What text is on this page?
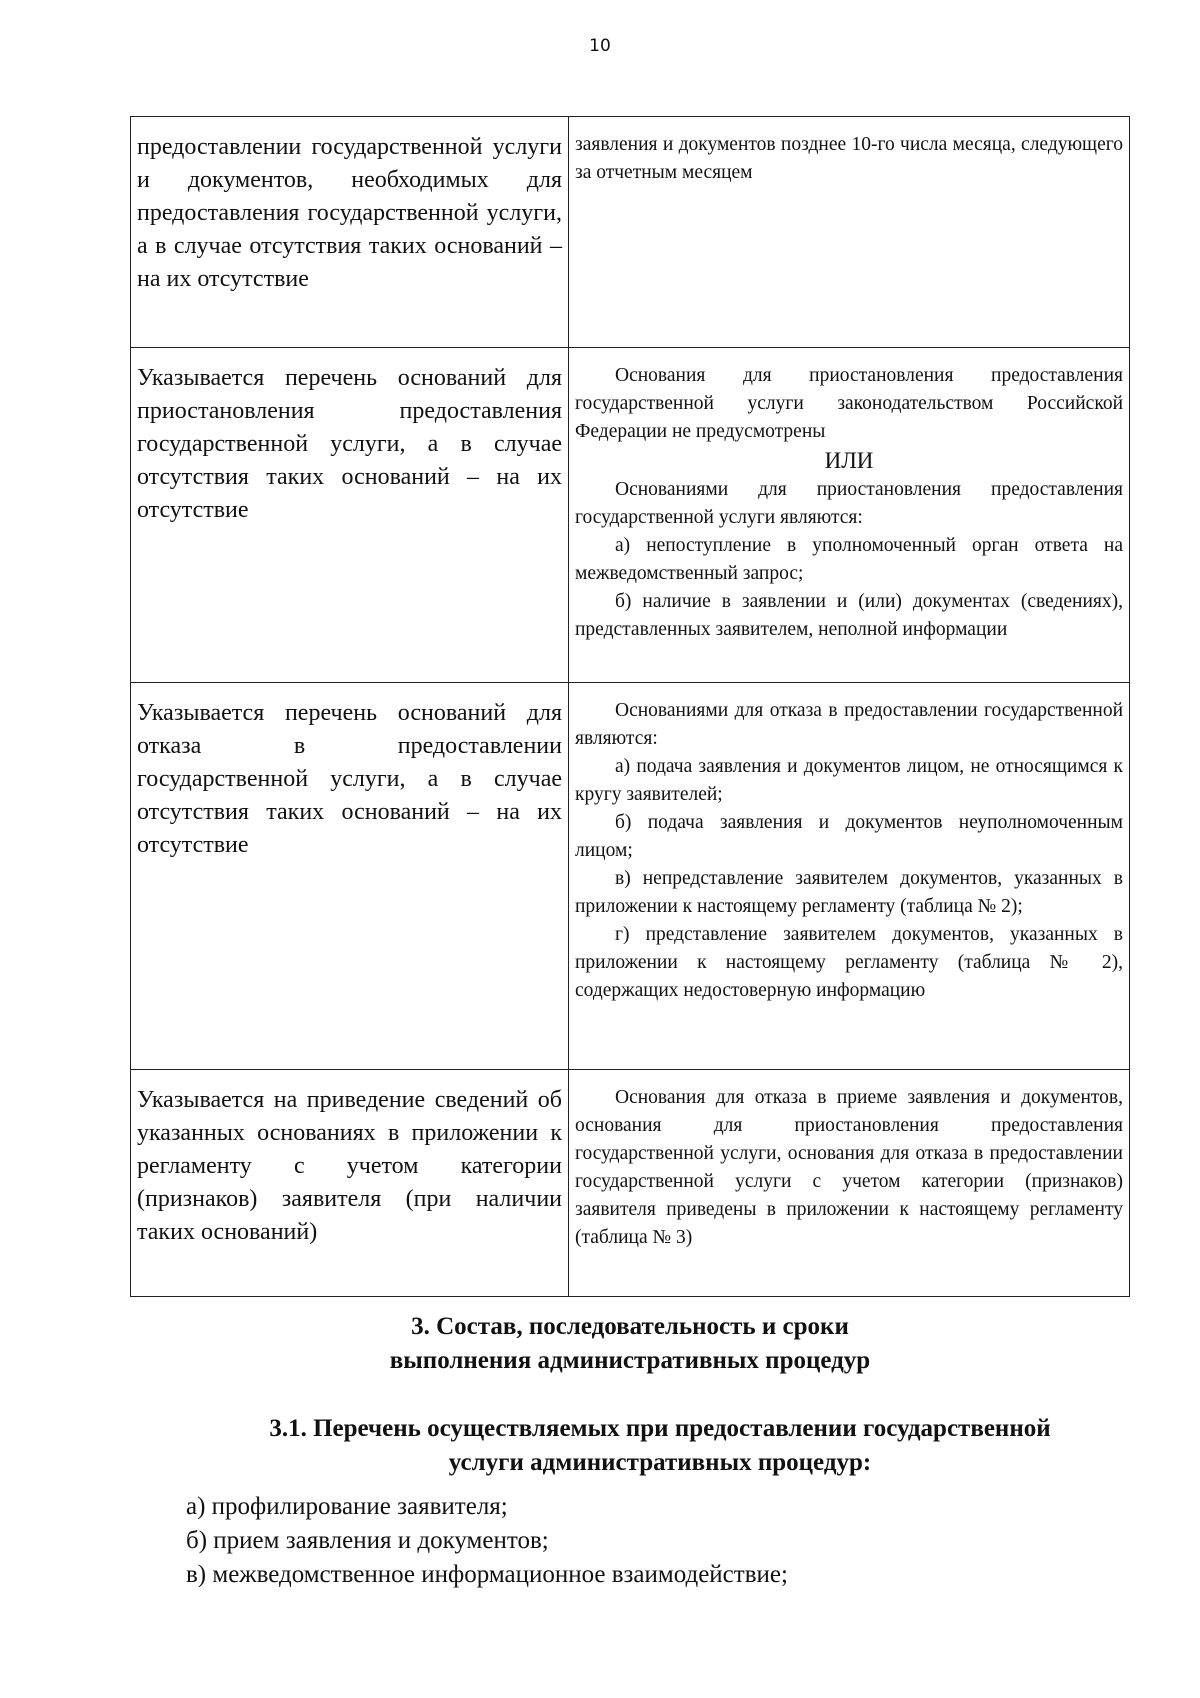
10
предоставлении государственной услуги и документов, необходимых для предоставления государственной услуги, а в случае отсутствия таких оснований – на их отсутствие	заявления и документов позднее 10-го числа месяца, следующего за отчетным месяцем

Указывается перечень оснований для приостановления предоставления государственной услуги, а в случае отсутствия таких оснований – на их отсутствие	Основания для приостановления предоставления государственной услуги законодательством Российской Федерации не предусмотрены

ИЛИ

Основаниями для приостановления предоставления государственной услуги являются:

а) непоступление в уполномоченный орган ответа на межведомственный запрос;

б) наличие в заявлении и (или) документах (сведениях), представленных заявителем, неполной информации

Указывается перечень оснований для отказа в предоставлении государственной услуги, а в случае отсутствия таких оснований – на их отсутствие	Основаниями для отказа в предоставлении государственной являются:

а) подача заявления и документов лицом, не относящимся к кругу заявителей;

б) подача заявления и документов неуполномоченным лицом;

в) непредставление заявителем документов, указанных в приложении к настоящему регламенту (таблица № 2);

г) представление заявителем документов, указанных в приложении к настоящему регламенту (таблица № 2), содержащих недостоверную информацию

Указывается на приведение сведений об указанных основаниях в приложении к регламенту с учетом категории (признаков) заявителя (при наличии таких оснований)	Основания для отказа в приеме заявления и документов, основания для приостановления предоставления государственной услуги, основания для отказа в предоставлении государственной услуги с учетом категории (признаков) заявителя приведены в приложении к настоящему регламенту (таблица № 3)

3. Состав, последовательность и сроки
выполнения административных процедур
3.1. Перечень осуществляемых при предоставлении государственной
услуги административных процедур:
а) профилирование заявителя;
б) прием заявления и документов;
в) межведомственное информационное взаимодействие;
